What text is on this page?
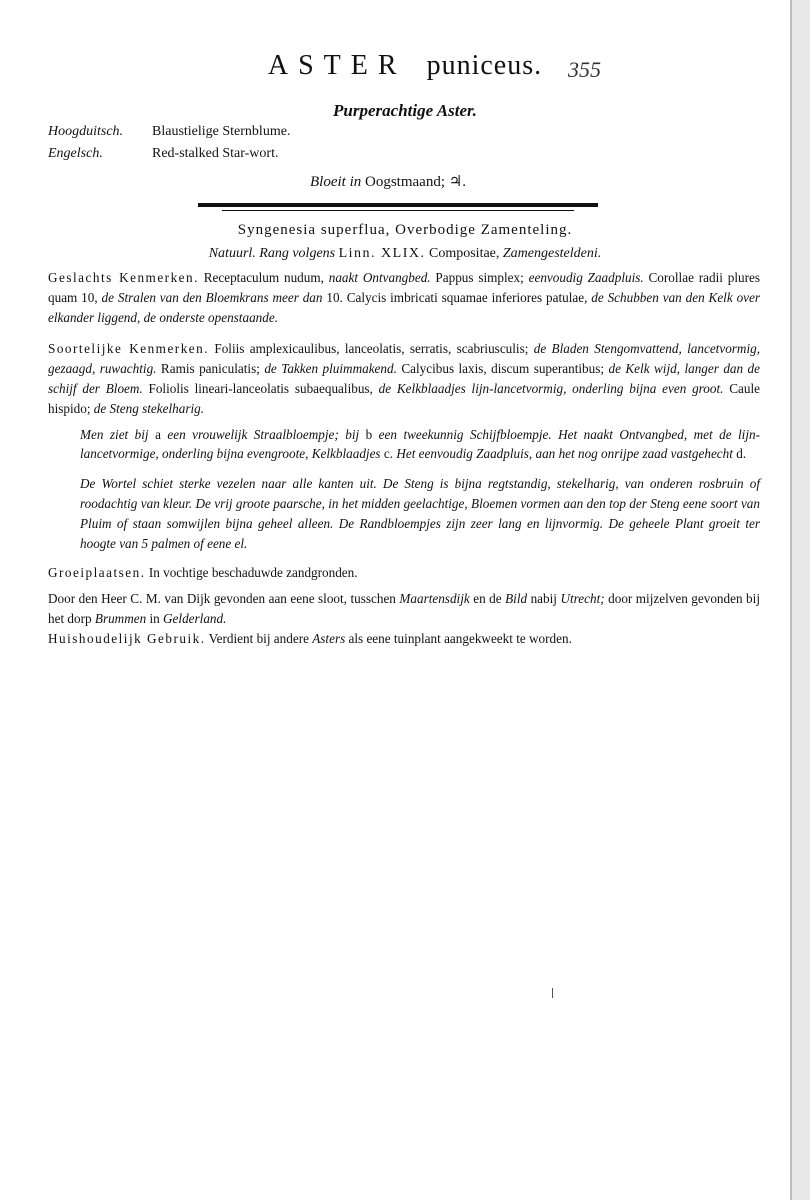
ASTER puniceus.	355
Purperachtige Aster.
Hoogduitsch. Blaustielige Sternblume.
Engelsch.	Red-stalked Star-wort.
Bloeit in Oogstmaand; ♃.
Syngenesia superflua, Overbodige Zamenteling.
Natuurl. Rang volgens Linn. XLIX. Compositae, Zamengesteldeni.

Geslachts Kenmerken. Receptaculum nudum, naakt Ontvangbed. Pappus simplex; eenvoudig Zaadpluis. Corollae radii plures quam 10, de Stralen van den Bloemkrans meer dan 10. Calycis imbricati squamae inferiores patulae, de Schubben van den Kelk over elkander liggend, de onderste openstaande.

Soortelijke Kenmerken. Foliis amplexicaulibus, lanceolatis, serratis, scabriusculis; de Bladen Stengomvattend, lancetvormig, gezaagd, ruwachtig. Ramis paniculatis; de Takken pluimmakend. Calycibus laxis, discum superantibus; de Kelk wijd, langer dan de schijf der Bloem. Foliolis lineari-lanceolatis subaequalibus, de Kelkblaadjes lijn-lancetvormig, onderling bijna even groot. Caule hispido; de Steng stekelharig.

Men ziet bij a een vrouwelijk Straalbloempje; bij b een tweekunnig Schijfbloempje. Het naakt Ontvangbed, met de lijn-lancetvormige, onderling bijna evengroote, Kelkblaadjes c. Het eenvoudig Zaadpluis, aan het nog onrijpe zaad vastgehecht d.

De Wortel schiet sterke vezelen naar alle kanten uit. De Steng is bijna regtstandig, stekelharig, van onderen rosbruin of roodachtig van kleur. De vrij groote paarsche, in het midden geelachtige, Bloemen vormen aan den top der Steng eene soort van Pluim of staan somwijlen bijna geheel alleen. De Randbloempjes zijn zeer lang en lijnvormig. De geheele Plant groeit ter hoogte van 5 palmen of eene el.

Groeiplaatsen. In vochtige beschaduwde zandgronden.

Door den Heer C. M. van Dijk gevonden aan eene sloot, tusschen Maartensdijk en de Bild nabij Utrecht; door mijzelven gevonden bij het dorp Brummen in Gelderland.

Huishoudelijk Gebruik. Verdient bij andere Asters als eene tuinplant aangekweekt te worden.
